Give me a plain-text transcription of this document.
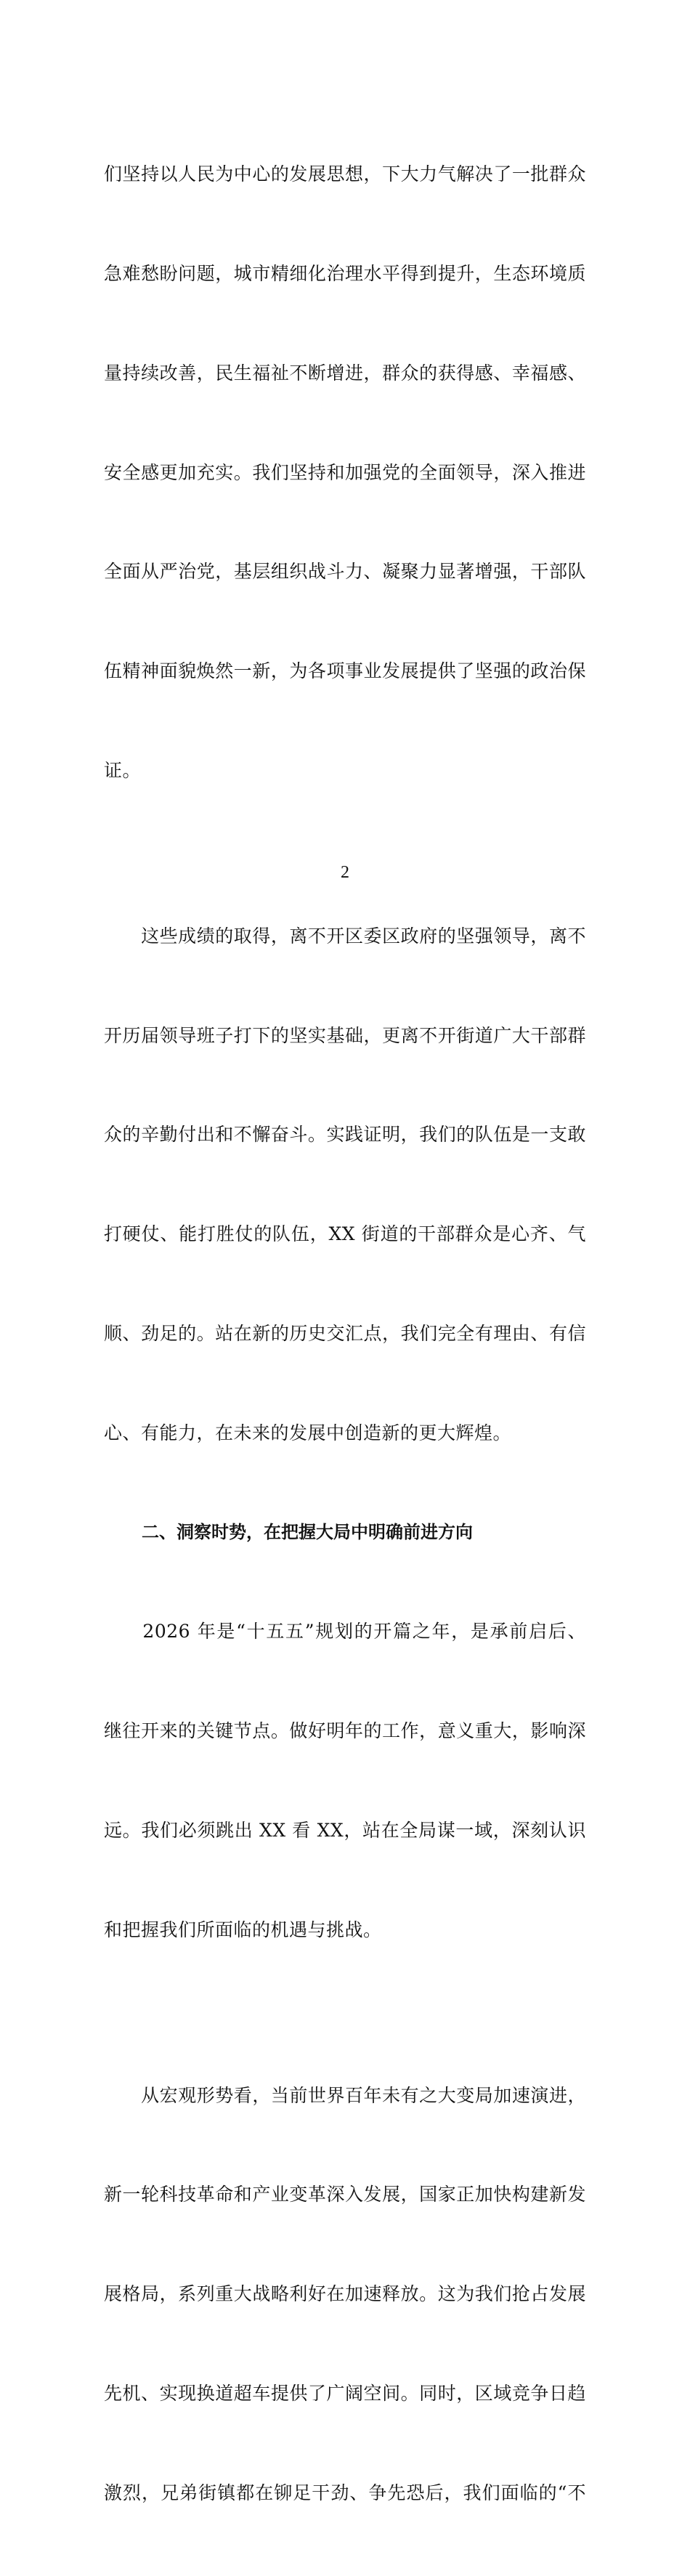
们坚持以人民为中心的发展思想，下大力气解决了一批群众

急难愁盼问题，城市精细化治理水平得到提升，生态环境质

量持续改善，民生福祉不断增进，群众的获得感、幸福感、

安全感更加充实。我们坚持和加强党的全面领导，深入推进

全面从严治党，基层组织战斗力、凝聚力显著增强，干部队

伍精神面貌焕然一新，为各项事业发展提供了坚强的政治保

证。

　　这些成绩的取得，离不开区委区政府的坚强领导，离不

开历届领导班子打下的坚实基础，更离不开街道广大干部群

众的辛勤付出和不懈奋斗。实践证明，我们的队伍是一支敢

打硬仗、能打胜仗的队伍，XX 街道的干部群众是心齐、气

顺、劲足的。站在新的历史交汇点，我们完全有理由、有信

心、有能力，在未来的发展中创造新的更大辉煌。

二、洞察时势，在把握大局中明确前进方向

　　2026 年是“十五五”规划的开篇之年，是承前启后、

继往开来的关键节点。做好明年的工作，意义重大，影响深

远。我们必须跳出 XX 看 XX，站在全局谋一域，深刻认识

和把握我们所面临的机遇与挑战。

　　从宏观形势看，当前世界百年未有之大变局加速演进，

新一轮科技革命和产业变革深入发展，国家正加快构建新发

展格局，系列重大战略利好在加速释放。这为我们抢占发展

先机、实现换道超车提供了广阔空间。同时，区域竞争日趋

激烈，兄弟街镇都在铆足干劲、争先恐后，我们面临的“不

2
